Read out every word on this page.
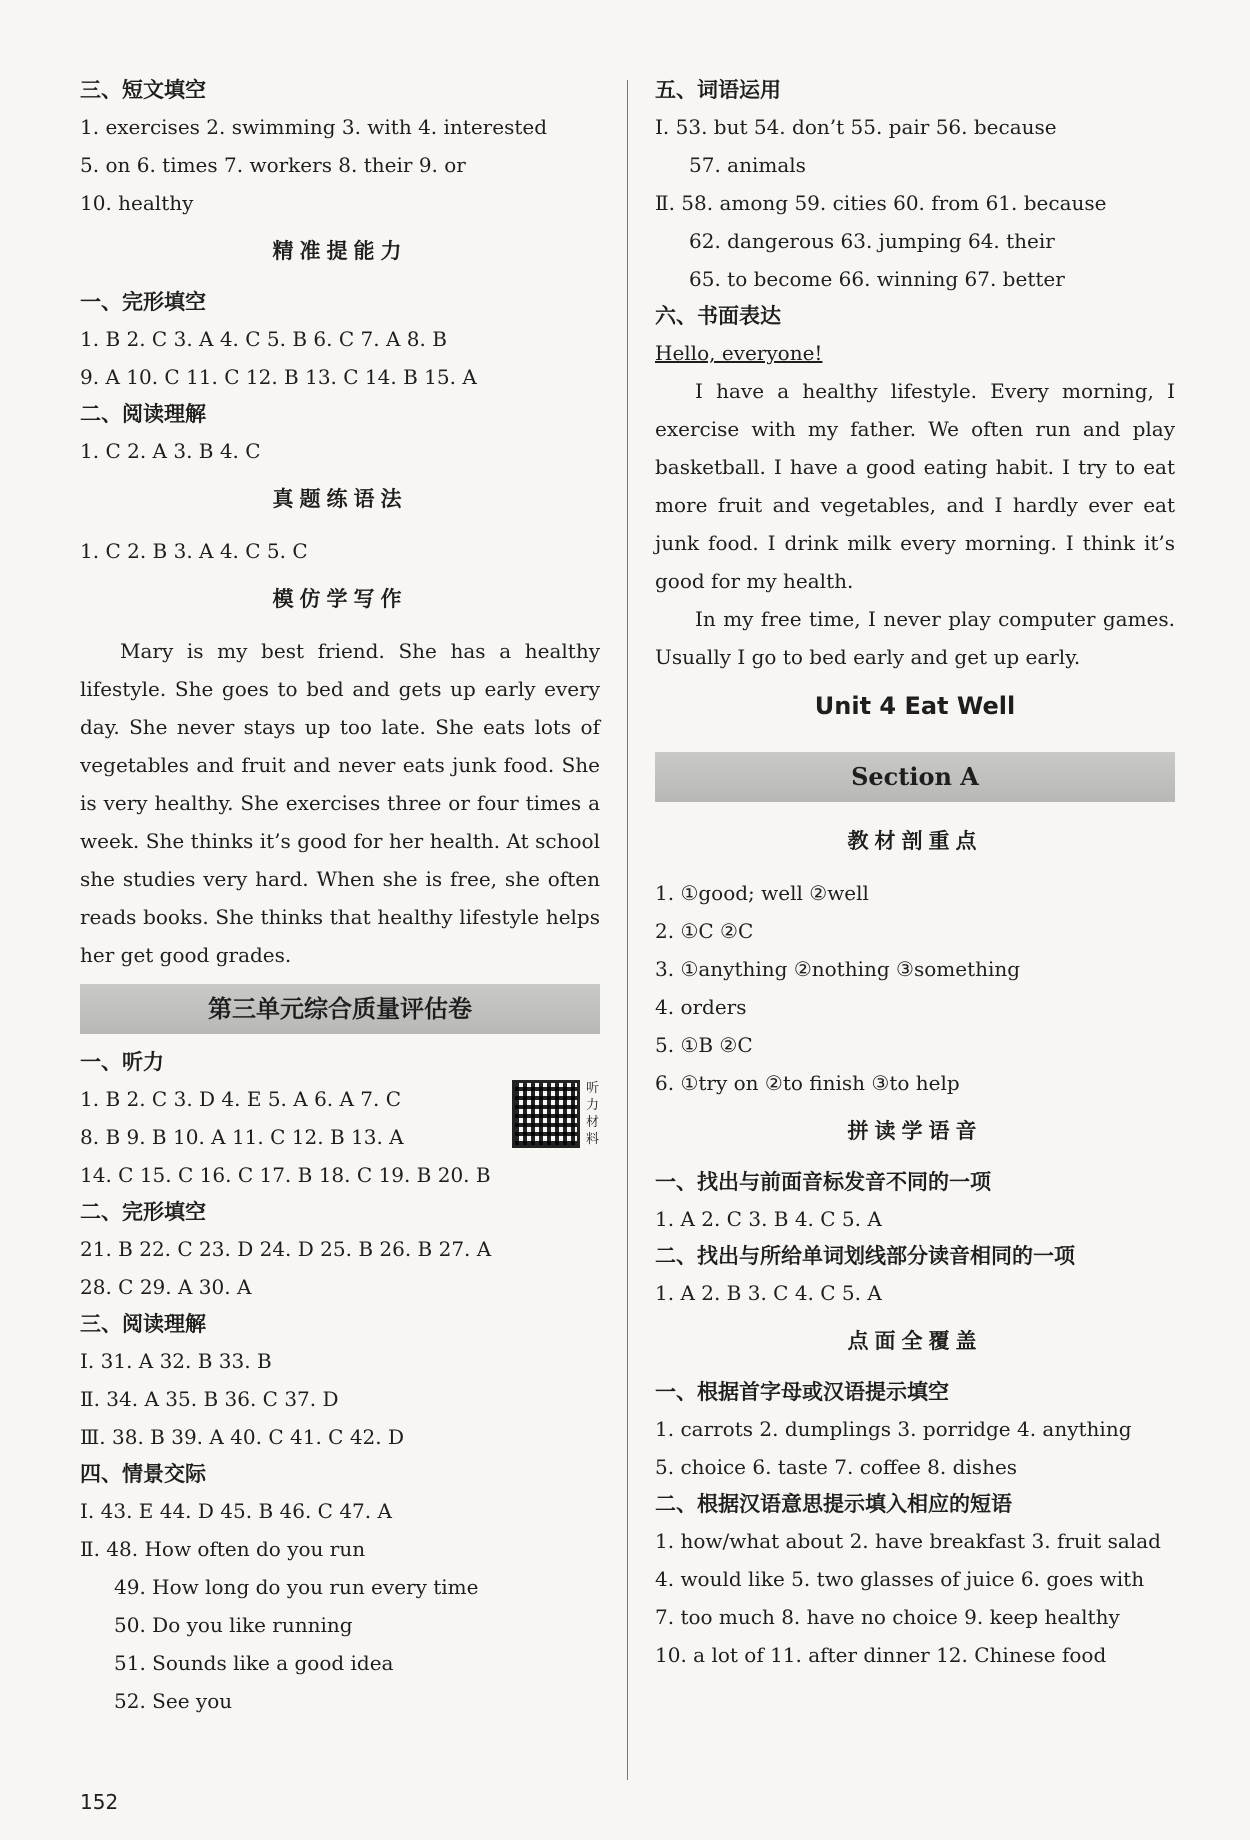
三、短文填空
1. exercises 2. swimming 3. with 4. interested
5. on 6. times 7. workers 8. their 9. or
10. healthy
精准提能力
一、完形填空
1. B 2. C 3. A 4. C 5. B 6. C 7. A 8. B
9. A 10. C 11. C 12. B 13. C 14. B 15. A
二、阅读理解
1. C 2. A 3. B 4. C
真题练语法
1. C 2. B 3. A 4. C 5. C
模仿学写作

Mary is my best friend. She has a healthy lifestyle. She goes to bed and gets up early every day. She never stays up too late. She eats lots of vegetables and fruit and never eats junk food. She is very healthy. She exercises three or four times a week. She thinks it’s good for her health. At school she studies very hard. When she is free, she often reads books. She thinks that healthy lifestyle helps her get good grades.

第三单元综合质量评估卷
一、听力
听力材料
1. B 2. C 3. D 4. E 5. A 6. A 7. C
8. B 9. B 10. A 11. C 12. B 13. A
14. C 15. C 16. C 17. B 18. C 19. B 20. B
二、完形填空
21. B 22. C 23. D 24. D 25. B 26. B 27. A
28. C 29. A 30. A
三、阅读理解
Ⅰ. 31. A 32. B 33. B
Ⅱ. 34. A 35. B 36. C 37. D
Ⅲ. 38. B 39. A 40. C 41. C 42. D
四、情景交际
Ⅰ. 43. E 44. D 45. B 46. C 47. A
Ⅱ. 48. How often do you run
49. How long do you run every time
50. Do you like running
51. Sounds like a good idea
52. See you
五、词语运用
Ⅰ. 53. but 54. don’t 55. pair 56. because
57. animals
Ⅱ. 58. among 59. cities 60. from 61. because
62. dangerous 63. jumping 64. their
65. to become 66. winning 67. better
六、书面表达
Hello, everyone!

I have a healthy lifestyle. Every morning, I exercise with my father. We often run and play basketball. I have a good eating habit. I try to eat more fruit and vegetables, and I hardly ever eat junk food. I drink milk every morning. I think it’s good for my health.

In my free time, I never play computer games. Usually I go to bed early and get up early.

Unit 4 Eat Well
Section A
教材剖重点
1. ①good; well ②well
2. ①C ②C
3. ①anything ②nothing ③something
4. orders
5. ①B ②C
6. ①try on ②to finish ③to help
拼读学语音
一、找出与前面音标发音不同的一项
1. A 2. C 3. B 4. C 5. A
二、找出与所给单词划线部分读音相同的一项
1. A 2. B 3. C 4. C 5. A
点面全覆盖
一、根据首字母或汉语提示填空
1. carrots 2. dumplings 3. porridge 4. anything
5. choice 6. taste 7. coffee 8. dishes
二、根据汉语意思提示填入相应的短语
1. how/what about 2. have breakfast 3. fruit salad
4. would like 5. two glasses of juice 6. goes with
7. too much 8. have no choice 9. keep healthy
10. a lot of 11. after dinner 12. Chinese food
152
